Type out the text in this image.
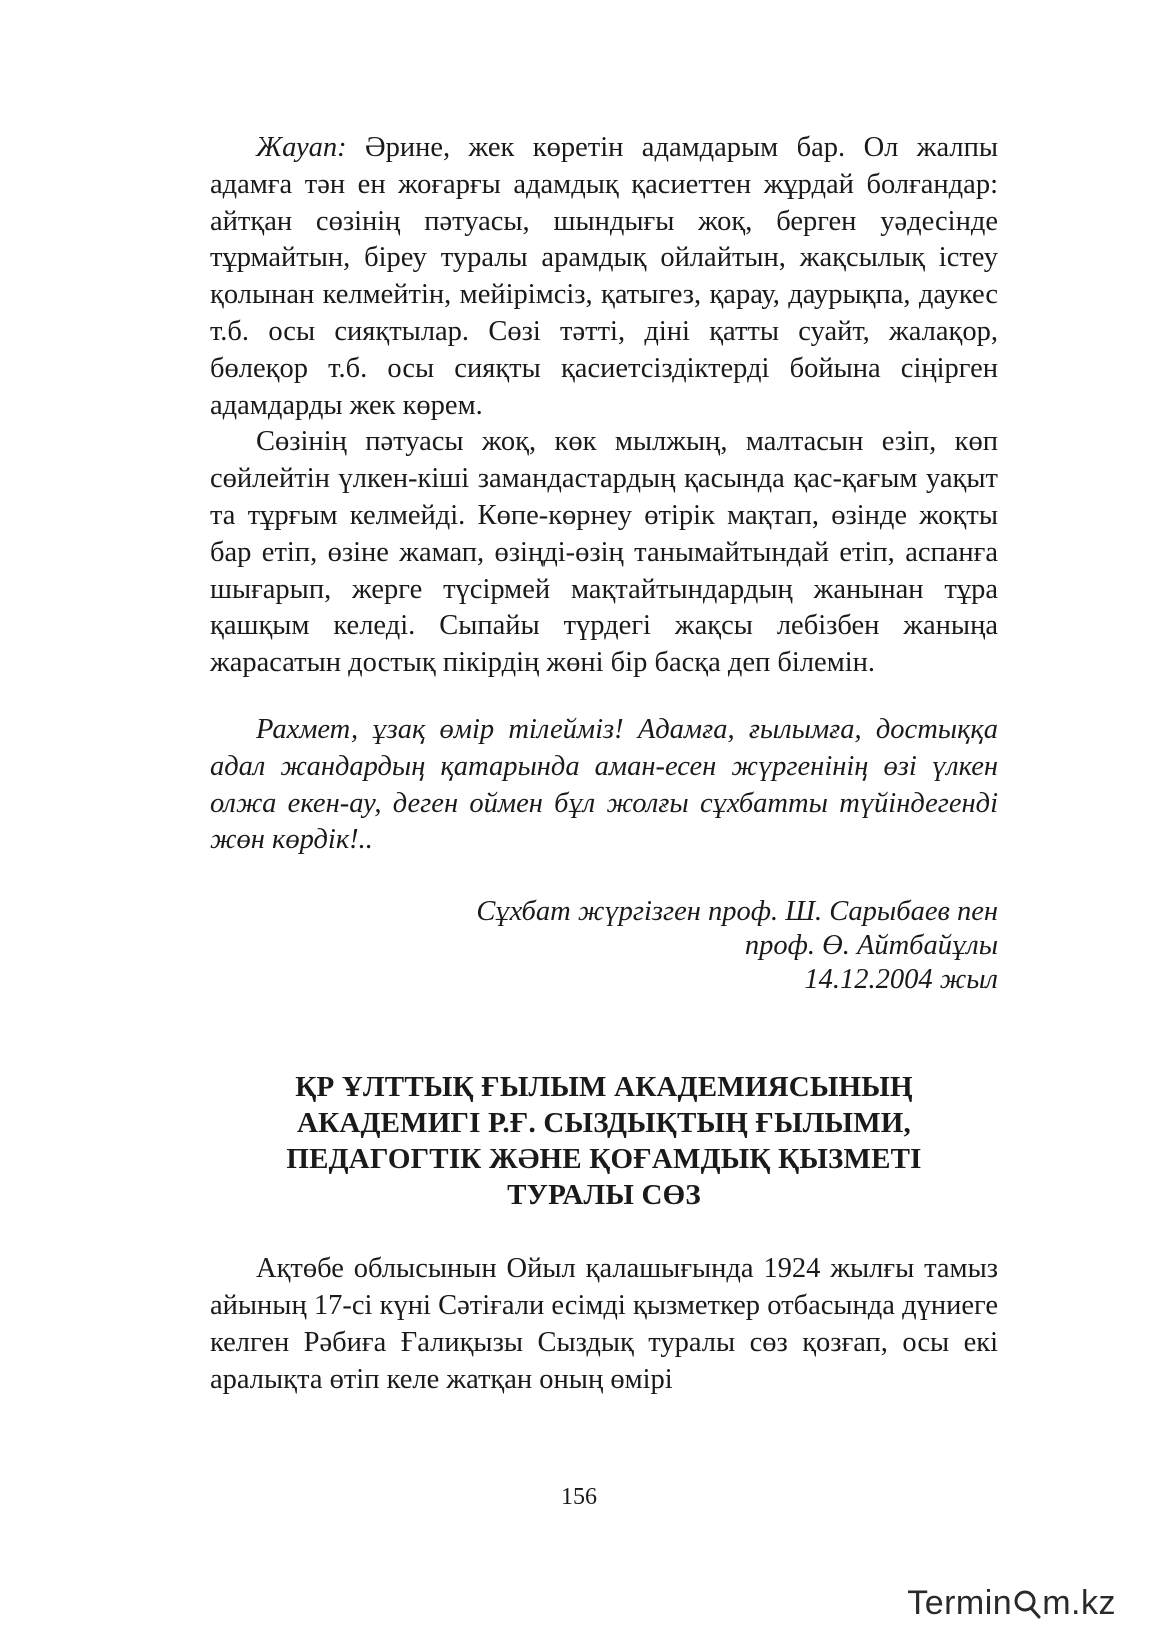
Жауап: Әрине, жек көретін адамдарым бар. Ол жалпы адамға тән ен жоғарғы адамдық қасиеттен жұрдай болғандар: айтқан сөзінің пәтуасы, шындығы жоқ, берген уәдесінде тұрмайтын, біреу туралы арамдық ойлайтын, жақсылық істеу қолынан келмейтін, мейірімсіз, қатыгез, қарау, даурықпа, даукес т.б. осы сияқтылар. Сөзі тәтті, діні қатты суайт, жалақор, бөлеқор т.б. осы сияқты қасиетсіздіктерді бойына сіңірген адамдарды жек көрем.

Сөзінің пәтуасы жоқ, көк мылжың, малтасын езіп, көп сөйлейтін үлкен-кіші замандастардың қасында қас-қағым уақыт та тұрғым келмейді. Көпе-көрнеу өтірік мақтап, өзінде жоқты бар етіп, өзіне жамап, өзіңді-өзің танымайтындай етіп, аспанға шығарып, жерге түсірмей мақтайтындардың жанынан тұра қашқым келеді. Сыпайы түрдегі жақсы лебізбен жаныңа жарасатын достық пікірдің жөні бір басқа деп білемін.

Рахмет, ұзақ өмір тілейміз! Адамға, ғылымға, достыққа адал жандардың қатарында аман-есен жүргенінің өзі үлкен олжа екен-ау, деген оймен бұл жолғы сұхбатты түйіндегенді жөн көрдік!..

Сұхбат жүргізген проф. Ш. Сарыбаев пен
проф. Ө. Айтбайұлы
14.12.2004 жыл
ҚР ҰЛТТЫҚ ҒЫЛЫМ АКАДЕМИЯСЫНЫҢ
АКАДЕМИГІ Р.Ғ. СЫЗДЫҚТЫҢ ҒЫЛЫМИ,
ПЕДАГОГТІК ЖӘНЕ ҚОҒАМДЫҚ ҚЫЗМЕТІ
ТУРАЛЫ СӨЗ

Ақтөбе облысынын Ойыл қалашығында 1924 жылғы тамыз айының 17-сі күні Сәтіғали есімді қызметкер отбасында дүниеге келген Рәбиға Ғалиқызы Сыздық туралы сөз қозғап, осы екі аралықта өтіп келе жатқан оның өмірі

156
Termin m.kz
